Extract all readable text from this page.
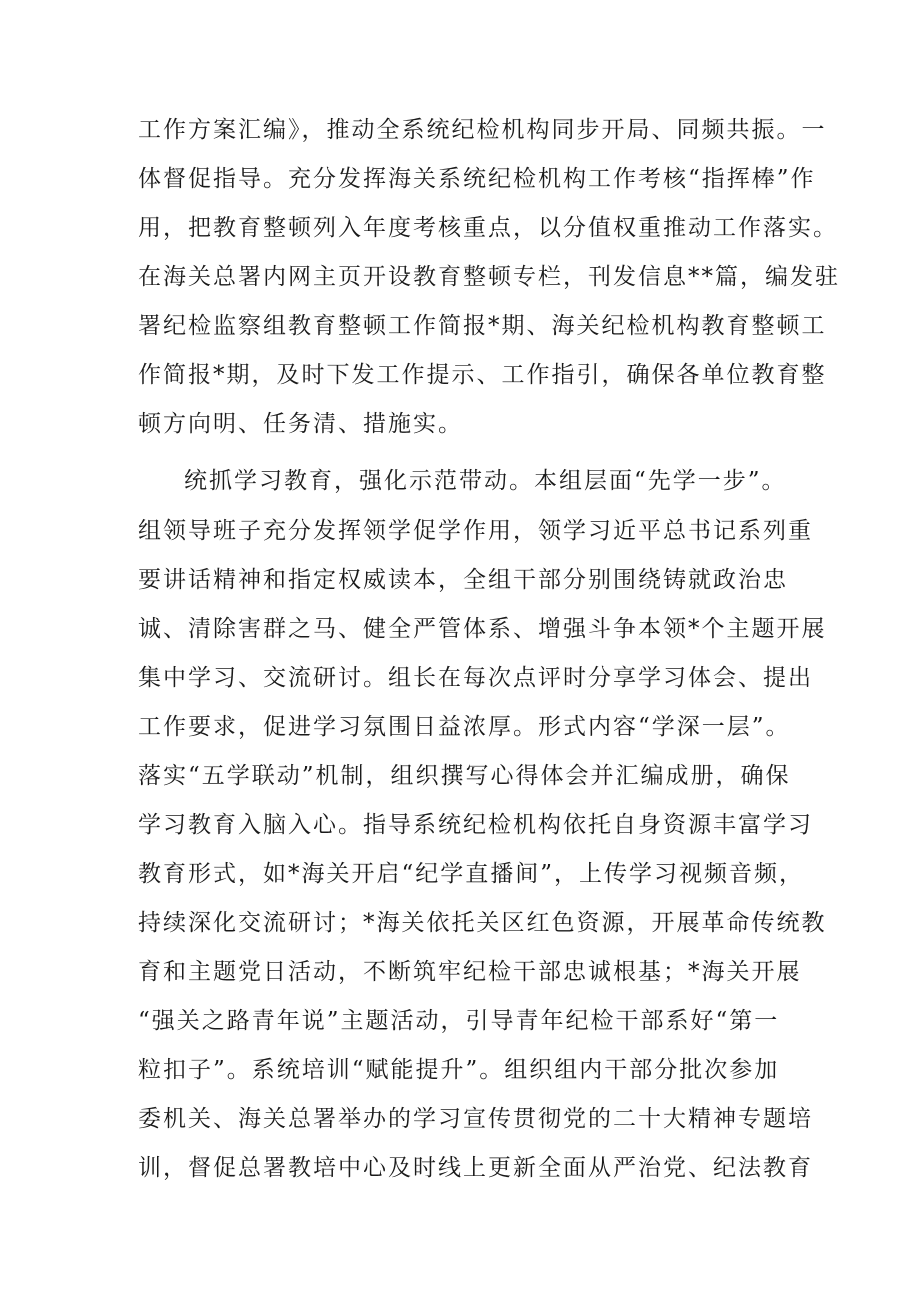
工作方案汇编》，推动全系统纪检机构同步开局、同频共振。一
体督促指导。充分发挥海关系统纪检机构工作考核“指挥棒”作
用，把教育整顿列入年度考核重点，以分值权重推动工作落实。
在海关总署内网主页开设教育整顿专栏，刊发信息**篇，编发驻
署纪检监察组教育整顿工作简报*期、海关纪检机构教育整顿工
作简报*期，及时下发工作提示、工作指引，确保各单位教育整
顿方向明、任务清、措施实。
统抓学习教育，强化示范带动。本组层面“先学一步”。
组领导班子充分发挥领学促学作用，领学习近平总书记系列重
要讲话精神和指定权威读本，全组干部分别围绕铸就政治忠
诚、清除害群之马、健全严管体系、增强斗争本领*个主题开展
集中学习、交流研讨。组长在每次点评时分享学习体会、提出
工作要求，促进学习氛围日益浓厚。形式内容“学深一层”。
落实“五学联动”机制，组织撰写心得体会并汇编成册，确保
学习教育入脑入心。指导系统纪检机构依托自身资源丰富学习
教育形式，如*海关开启“纪学直播间”，上传学习视频音频，
持续深化交流研讨；*海关依托关区红色资源，开展革命传统教
育和主题党日活动，不断筑牢纪检干部忠诚根基；*海关开展
“强关之路青年说”主题活动，引导青年纪检干部系好“第一
粒扣子”。系统培训“赋能提升”。组织组内干部分批次参加
委机关、海关总署举办的学习宣传贯彻党的二十大精神专题培
训，督促总署教培中心及时线上更新全面从严治党、纪法教育
